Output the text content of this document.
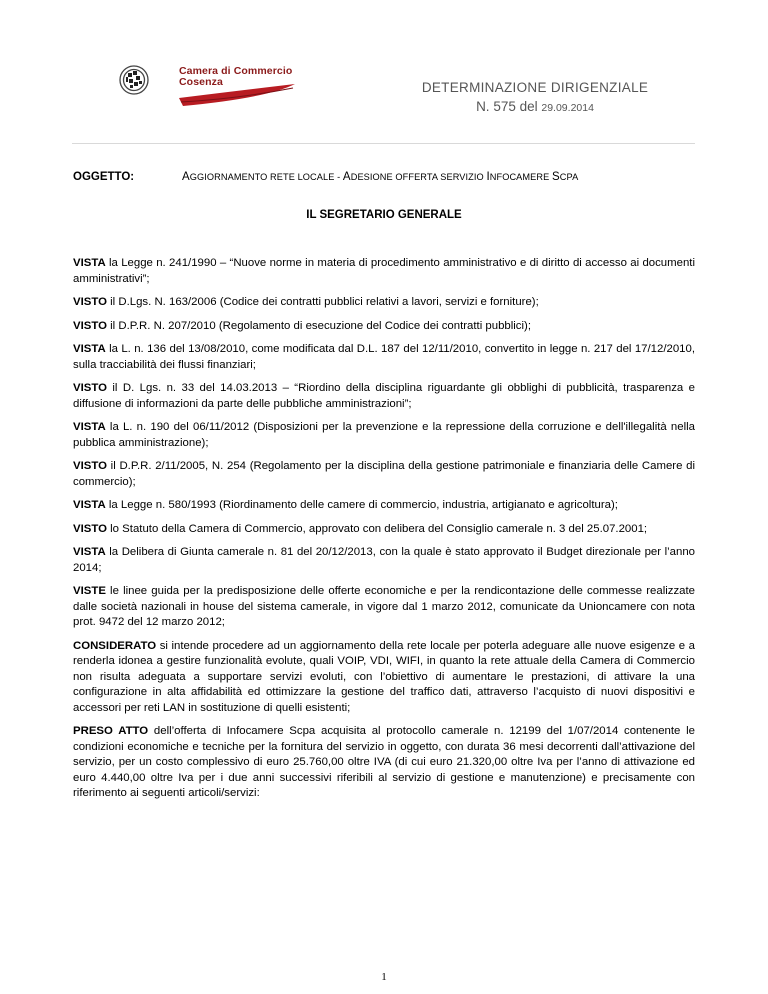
Camera di Commercio
Cosenza	DETERMINAZIONE DIRIGENZIALE
N. 575 del 29.09.2014
OGGETTO:	AGGIORNAMENTO RETE LOCALE - ADESIONE OFFERTA SERVIZIO INFOCAMERE SCPA
IL SEGRETARIO GENERALE

VISTA la Legge n. 241/1990 – “Nuove norme in materia di procedimento amministrativo e di diritto di accesso ai documenti amministrativi”;

VISTO il D.Lgs. N. 163/2006 (Codice dei contratti pubblici relativi a lavori, servizi e forniture);

VISTO il D.P.R. N. 207/2010 (Regolamento di esecuzione del Codice dei contratti pubblici);

VISTA la L. n. 136 del 13/08/2010, come modificata dal D.L. 187 del 12/11/2010, convertito in legge n. 217 del 17/12/2010, sulla tracciabilità dei flussi finanziari;

VISTO il D. Lgs. n. 33 del 14.03.2013 – “Riordino della disciplina riguardante gli obblighi di pubblicità, trasparenza e diffusione di informazioni da parte delle pubbliche amministrazioni”;

VISTA la L. n. 190 del 06/11/2012 (Disposizioni per la prevenzione e la repressione della corruzione e dell'illegalità nella pubblica amministrazione);

VISTO il D.P.R. 2/11/2005, N. 254 (Regolamento per la disciplina della gestione patrimoniale e finanziaria delle Camere di commercio);

VISTA la Legge n. 580/1993 (Riordinamento delle camere di commercio, industria, artigianato e agricoltura);

VISTO lo Statuto della Camera di Commercio, approvato con delibera del Consiglio camerale n. 3 del 25.07.2001;

VISTA la Delibera di Giunta camerale n. 81 del 20/12/2013, con la quale è stato approvato il Budget direzionale per l’anno 2014;

VISTE le linee guida per la predisposizione delle offerte economiche e per la rendicontazione delle commesse realizzate dalle società nazionali in house del sistema camerale, in vigore dal 1 marzo 2012, comunicate da Unioncamere con nota prot. 9472 del 12 marzo 2012;

CONSIDERATO si intende procedere ad un aggiornamento della rete locale per poterla adeguare alle nuove esigenze e a renderla idonea a gestire funzionalità evolute, quali VOIP, VDI, WIFI, in quanto la rete attuale della Camera di Commercio non risulta adeguata a supportare servizi evoluti, con l’obiettivo di aumentare le prestazioni, di attivare la una configurazione in alta affidabilità ed ottimizzare la gestione del traffico dati, attraverso l’acquisto di nuovi dispositivi e accessori per reti LAN in sostituzione di quelli esistenti;

PRESO ATTO dell’offerta di Infocamere Scpa acquisita al protocollo camerale n. 12199 del 1/07/2014 contenente le condizioni economiche e tecniche per la fornitura del servizio in oggetto, con durata 36 mesi decorrenti dall’attivazione del servizio, per un costo complessivo di euro 25.760,00 oltre IVA (di cui euro 21.320,00 oltre Iva per l’anno di attivazione ed euro 4.440,00 oltre Iva per i due anni successivi riferibili al servizio di gestione e manutenzione) e precisamente con riferimento ai seguenti articoli/servizi:

1
